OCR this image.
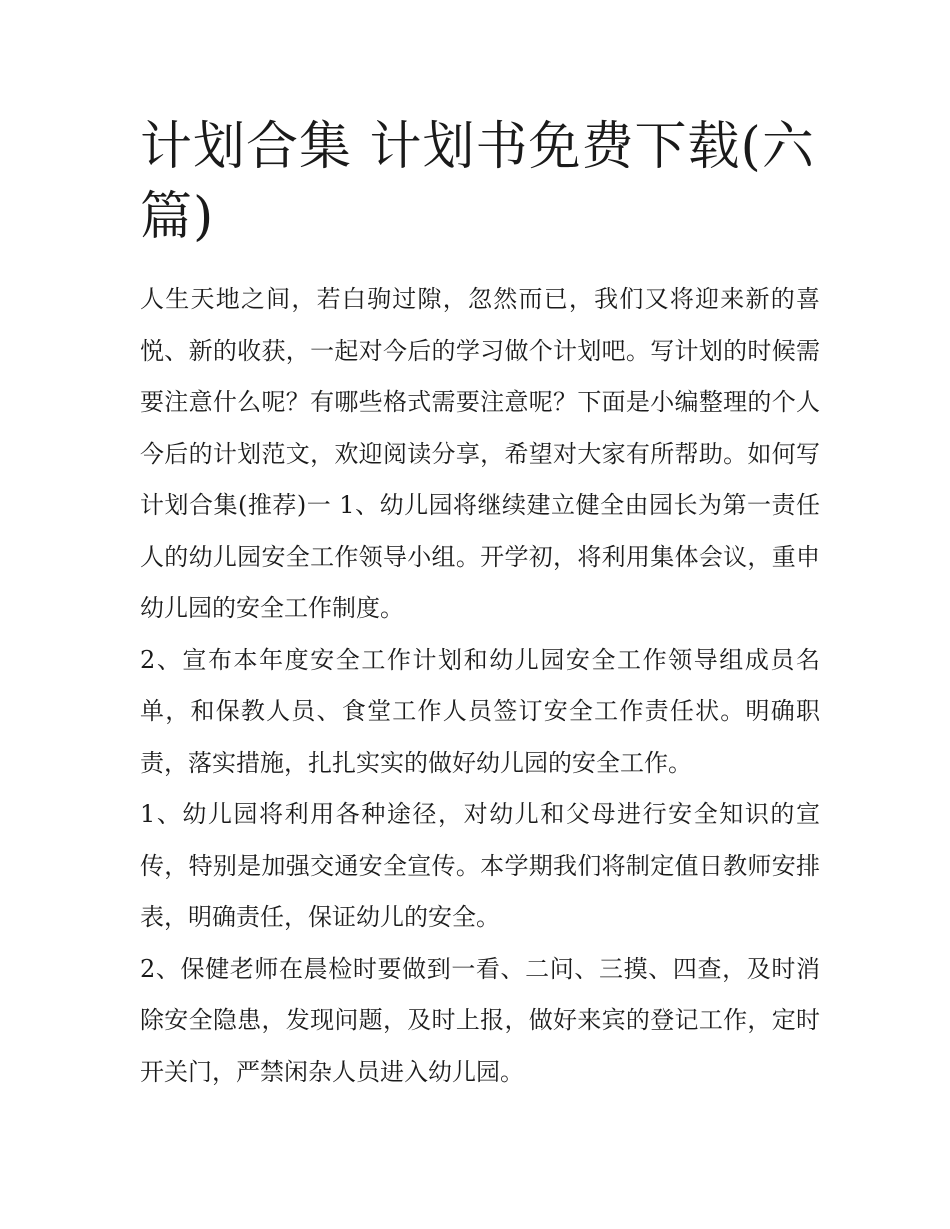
计划合集 计划书免费下载(六篇)

人生天地之间，若白驹过隙，忽然而已，我们又将迎来新的喜悦、新的收获，一起对今后的学习做个计划吧。写计划的时候需要注意什么呢？有哪些格式需要注意呢？下面是小编整理的个人今后的计划范文，欢迎阅读分享，希望对大家有所帮助。如何写计划合集(推荐)一 1、幼儿园将继续建立健全由园长为第一责任人的幼儿园安全工作领导小组。开学初，将利用集体会议，重申幼儿园的安全工作制度。

2、宣布本年度安全工作计划和幼儿园安全工作领导组成员名单，和保教人员、食堂工作人员签订安全工作责任状。明确职责，落实措施，扎扎实实的做好幼儿园的安全工作。

1、幼儿园将利用各种途径，对幼儿和父母进行安全知识的宣传，特别是加强交通安全宣传。本学期我们将制定值日教师安排表，明确责任，保证幼儿的安全。

2、保健老师在晨检时要做到一看、二问、三摸、四查，及时消除安全隐患，发现问题，及时上报，做好来宾的登记工作，定时开关门，严禁闲杂人员进入幼儿园。
